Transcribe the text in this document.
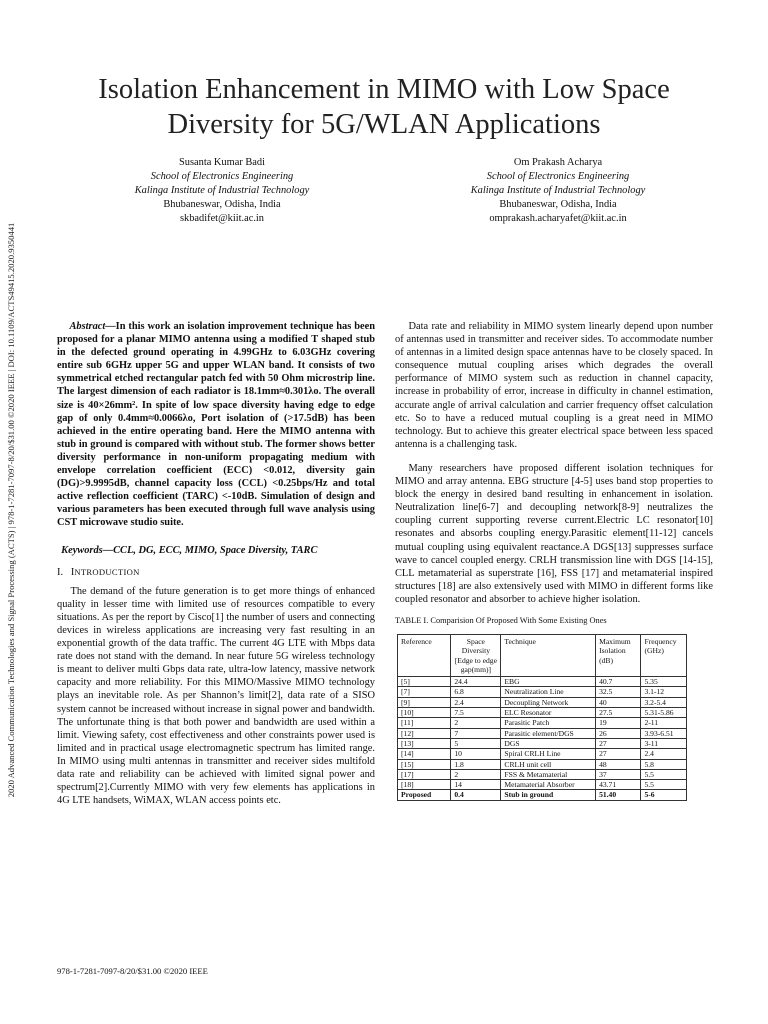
2020 Advanced Communication Technologies and Signal Processing (ACTS) | 978-1-7281-7097-8/20/$31.00 ©2020 IEEE | DOI: 10.1109/ACTS49415.2020.9350441
Isolation Enhancement in MIMO with Low Space
Diversity for 5G/WLAN Applications
Susanta Kumar Badi
School of Electronics Engineering
Kalinga Institute of Industrial Technology
Bhubaneswar, Odisha, India
skbadifet@kiit.ac.in
Om Prakash Acharya
School of Electronics Engineering
Kalinga Institute of Industrial Technology
Bhubaneswar, Odisha, India
omprakash.acharyafet@kiit.ac.in

Abstract—In this work an isolation improvement technique has been proposed for a planar MIMO antenna using a modified T shaped stub in the defected ground operating in 4.99GHz to 6.03GHz covering entire sub 6GHz upper 5G and upper WLAN band. It consists of two symmetrical etched rectangular patch fed with 50 Ohm microstrip line. The largest dimension of each radiator is 18.1mm≈0.301λo. The overall size is 40×26mm². In spite of low space diversity having edge to edge gap of only 0.4mm≈0.0066λo, Port isolation of (>17.5dB) has been achieved in the entire operating band. Here the MIMO antenna with stub in ground is compared with without stub. The former shows better diversity performance in non-uniform propagating medium with envelope correlation coefficient (ECC) <0.012, diversity gain (DG)>9.9995dB, channel capacity loss (CCL) <0.25bps/Hz and total active reflection coefficient (TARC) <-10dB. Simulation of design and various parameters has been executed through full wave analysis using CST microwave studio suite.

Keywords—CCL, DG, ECC, MIMO, Space Diversity, TARC

I. INTRODUCTION

The demand of the future generation is to get more things of enhanced quality in lesser time with limited use of resources compatible to every situations. As per the report by Cisco[1] the number of users and connecting devices in wireless applications are increasing very fast resulting in an exponential growth of the data traffic. The current 4G LTE with Mbps data rate does not stand with the demand. In near future 5G wireless technology is meant to deliver multi Gbps data rate, ultra-low latency, massive network capacity and more reliability. For this MIMO/Massive MIMO technology plays an inevitable role. As per Shannon’s limit[2], data rate of a SISO system cannot be increased without increase in signal power and bandwidth. The unfortunate thing is that both power and bandwidth are used within a limit. Viewing safety, cost effectiveness and other constraints power used is limited and in practical usage electromagnetic spectrum has limited range. In MIMO using multi antennas in transmitter and receiver sides multifold data rate and reliability can be achieved with limited signal power and spectrum[2].Currently MIMO with very few elements has applications in 4G LTE handsets, WiMAX, WLAN access points etc.

Data rate and reliability in MIMO system linearly depend upon number of antennas used in transmitter and receiver sides. To accommodate number of antennas in a limited design space antennas have to be closely spaced. In consequence mutual coupling arises which degrades the overall performance of MIMO system such as reduction in channel capacity, increase in probability of error, increase in difficulty in channel estimation, accurate angle of arrival calculation and carrier frequency offset calculation etc. So to have a reduced mutual coupling is a great need in MIMO technology. But to achieve this greater electrical space between less spaced antenna is a challenging task.

Many researchers have proposed different isolation techniques for MIMO and array antenna. EBG structure [4-5] uses band stop properties to block the energy in desired band resulting in enhancement in isolation. Neutralization line[6-7] and decoupling network[8-9] neutralizes the coupling current supporting reverse current.Electric LC resonator[10] resonates and absorbs coupling energy.Parasitic element[11-12] cancels mutual coupling using equivalent reactance.A DGS[13] suppresses surface wave to cancel coupled energy. CRLH transmission line with DGS [14-15], CLL metamaterial as superstrate [16], FSS [17] and metamaterial inspired structures [18] are also extensively used with MIMO in different forms like coupled resonator and absorber to achieve higher isolation.

TABLE I. Comparision Of Proposed With Some Existing Ones

Reference	Space Diversity [Edge to edge gap(mm)]	Technique	Maximum Isolation (dB)	Frequency (GHz)
[5]	24.4	EBG	40.7	5.35
[7]	6.8	Neutralization Line	32.5	3.1-12
[9]	2.4	Decoupling Network	40	3.2-5.4
[10]	7.5	ELC Resonator	27.5	5.31-5.86
[11]	2	Parasitic Patch	19	2-11
[12]	7	Parasitic element/DGS	26	3.93-6.51
[13]	5	DGS	27	3-11
[14]	10	Spiral CRLH Line	27	2.4
[15]	1.8	CRLH unit cell	48	5.8
[17]	2	FSS & Metamaterial	37	5.5
[18]	14	Metamaterial Absorber	43.71	5.5
Proposed	0.4	Stub in ground	51.40	5-6
978-1-7281-7097-8/20/$31.00 ©2020 IEEE
